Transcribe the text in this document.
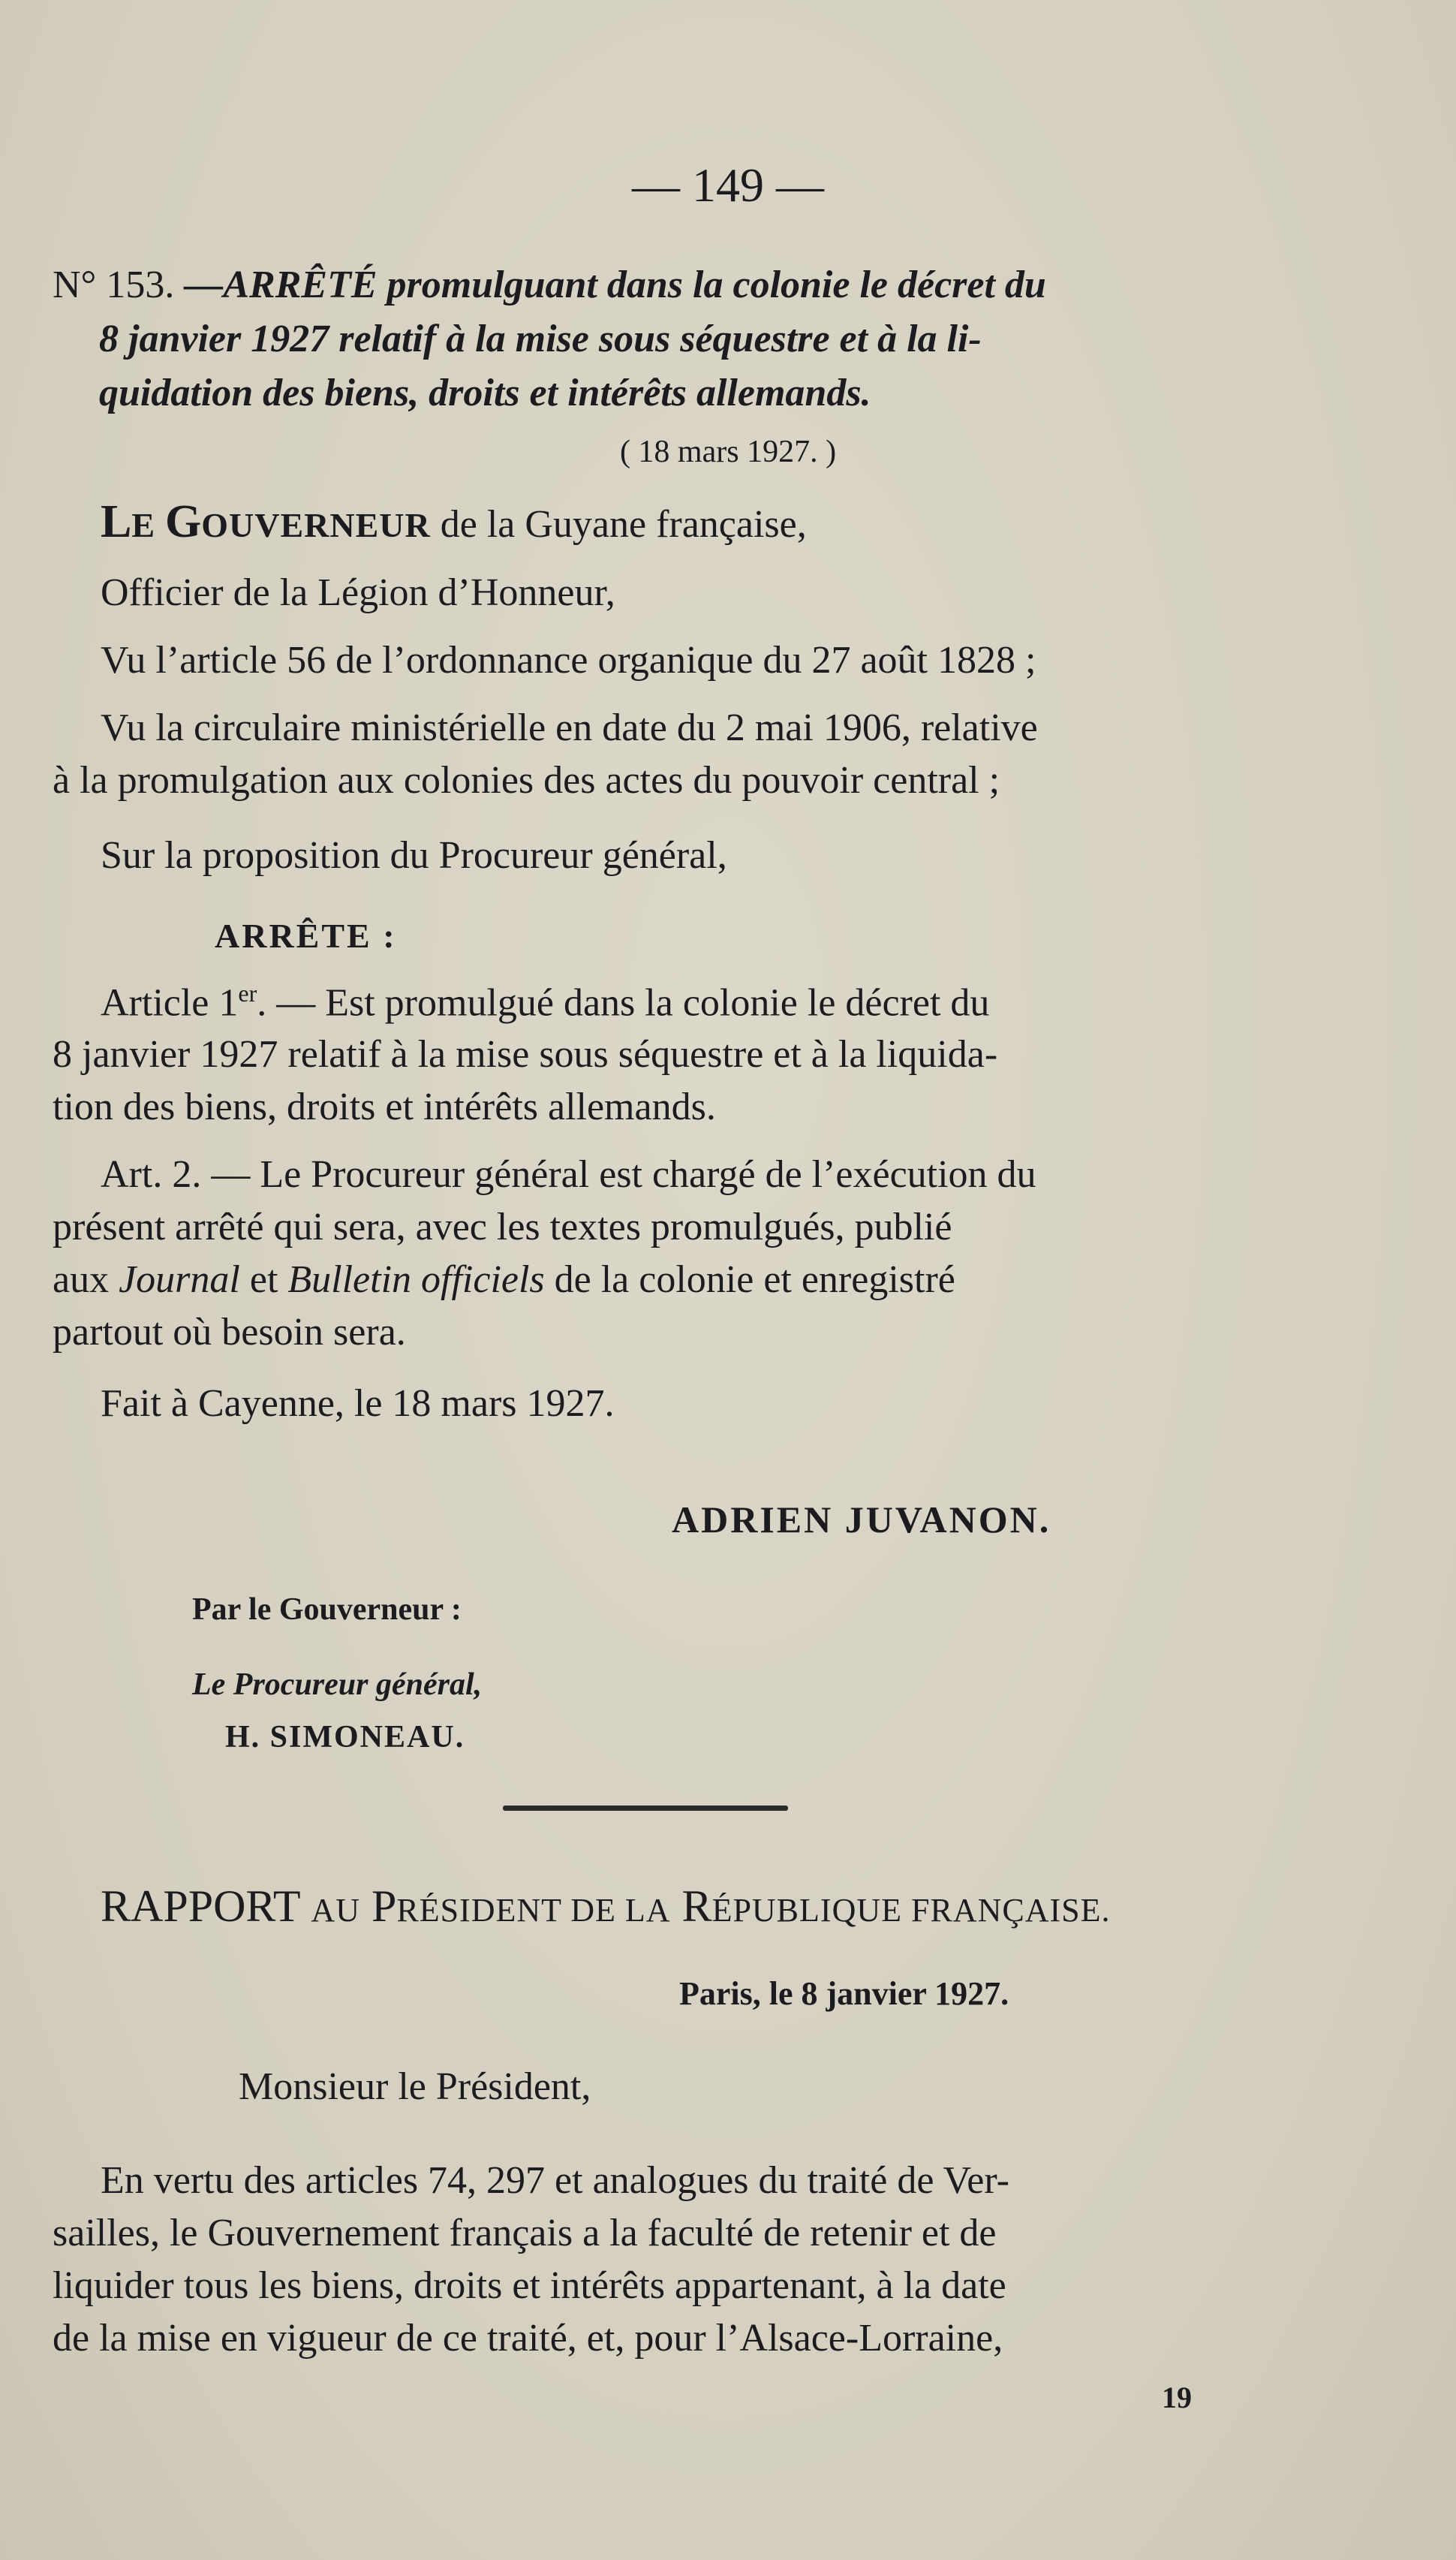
— 149 —
N° 153. —ARRÊTÉ promulguant dans la colonie le décret du
8 janvier 1927 relatif à la mise sous séquestre et à la li-
quidation des biens, droits et intérêts allemands.
( 18 mars 1927. )
LE GOUVERNEUR de la Guyane française,
Officier de la Légion d’Honneur,
Vu l’article 56 de l’ordonnance organique du 27 août 1828 ;
Vu la circulaire ministérielle en date du 2 mai 1906, relative
à la promulgation aux colonies des actes du pouvoir central ;
Sur la proposition du Procureur général,
ARRÊTE :
Article 1er. — Est promulgué dans la colonie le décret du
8 janvier 1927 relatif à la mise sous séquestre et à la liquida-
tion des biens, droits et intérêts allemands.
Art. 2. — Le Procureur général est chargé de l’exécution du
présent arrêté qui sera, avec les textes promulgués, publié
aux Journal et Bulletin officiels de la colonie et enregistré
partout où besoin sera.
Fait à Cayenne, le 18 mars 1927.
ADRIEN JUVANON.
Par le Gouverneur :
Le Procureur général,
H. SIMONEAU.
RAPPORT AU PRÉSIDENT DE LA RÉPUBLIQUE FRANÇAISE.
Paris, le 8 janvier 1927.
Monsieur le Président,
En vertu des articles 74, 297 et analogues du traité de Ver-
sailles, le Gouvernement français a la faculté de retenir et de
liquider tous les biens, droits et intérêts appartenant, à la date
de la mise en vigueur de ce traité, et, pour l’Alsace-Lorraine,
19
